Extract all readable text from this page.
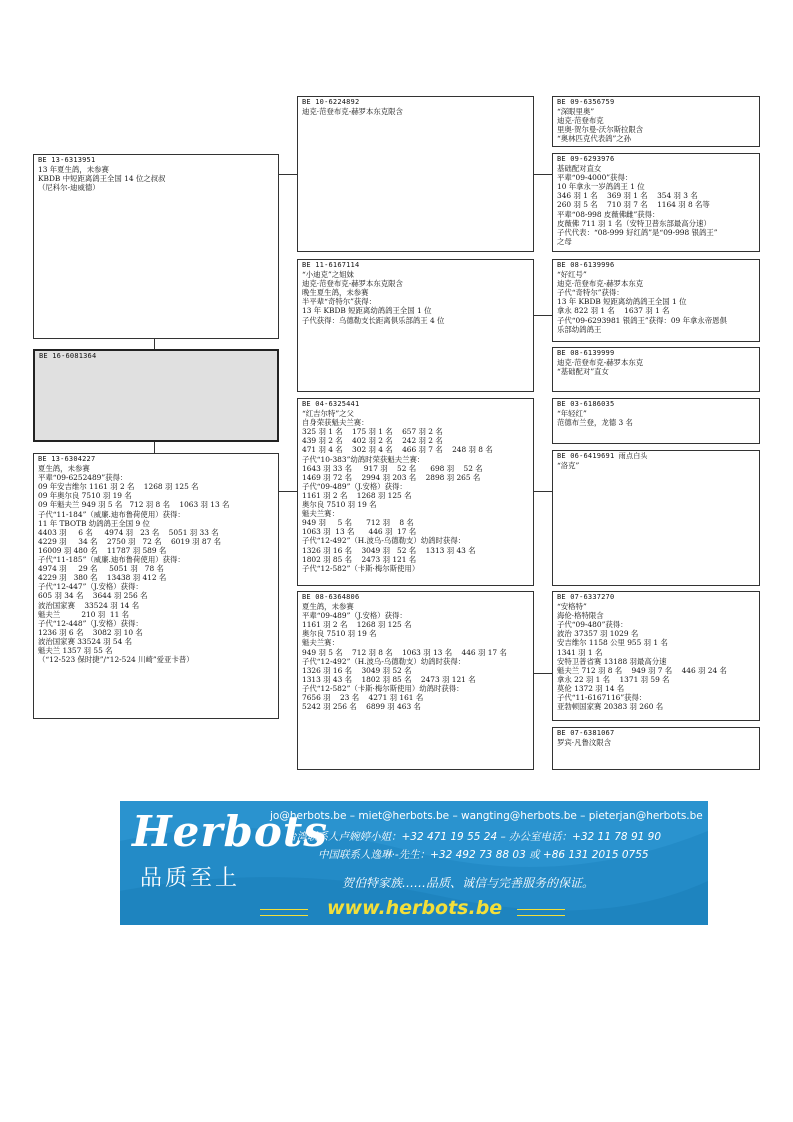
BE 13-6313951
13 年夏生鸽，未参赛
KBDB 中短距离鸽王全国 14 位之叔叔
（尼科尔-迪威德）
BE 16-6081364
BE 13-6304227
夏生鸽，未参赛
平辈“09-6252489”获得：
09 年安吉维尔 1161 羽 2 名    1268 羽 125 名
09 年奥尔良 7510 羽 19 名
09 年魁夫兰 949 羽 5 名   712 羽 8 名    1063 羽 13 名
子代“11-184”（威廉.迪布鲁荷使用）获得：
11 年 TBOTB 幼鸽鸽王全国 9 位
4403 羽     6 名     4974 羽   23 名    5051 羽 33 名
4229 羽     34 名    2750 羽   72 名    6019 羽 87 名
16009 羽 480 名    11787 羽 589 名
子代“11-185”（威廉.迪布鲁荷使用）获得：
4974 羽     29 名     5051 羽   78 名
4229 羽   380 名    13438 羽 412 名
子代“12-447”（J.安格）获得：
605 羽 34 名    3644 羽 256 名
波治国家赛    33524 羽 14 名
魁夫兰         210 羽  11 名
子代“12-448”（J.安格）获得：
1236 羽 6 名    3082 羽 10 名
波治国家赛 33524 羽 54 名
魁夫兰 1357 羽 55 名
（“12-523 保时捷”/“12-524 川崎”爱亚卡普）
BE 10-6224892
迪克·范登布克-赫罗本东克限含
BE 11-6167114
“小迪克”之姐妹
迪克·范登布克-赫罗本东克限含
晚生夏生鸽，未参赛
半平辈“奇特尔”获得：
13 年 KBDB 短距离幼鸽鸽王全国 1 位
子代获得：乌德勒支长距离俱乐部鸽王 4 位
BE 04-6325441
“红吉尔特”之父
自身荣获魁夫兰赛：
325 羽 1 名    175 羽 1 名    657 羽 2 名
439 羽 2 名    402 羽 2 名    242 羽 2 名
471 羽 4 名    302 羽 4 名    466 羽 7 名    248 羽 8 名
子代“10-383”幼鸽时荣获魁夫兰赛：
1643 羽 33 名     917 羽    52 名      698 羽    52 名
1469 羽 72 名    2994 羽 203 名    2898 羽 265 名
子代“09-489”（J.安格）获得：
1161 羽 2 名    1268 羽 125 名
奥尔良 7510 羽 19 名
魁夫兰赛：
949 羽     5 名      712 羽    8 名
1063 羽  13 名      446 羽  17 名
子代“12-492”（H.波乌-乌德勒支）幼鸽时获得：
1326 羽 16 名    3049 羽   52 名    1313 羽 43 名
1802 羽 85 名    2473 羽 121 名
子代“12-582”（卡斯·梅尔斯使用）
BE 08-6364806
夏生鸽，未参赛
平辈“09-489”（J.安格）获得：
1161 羽 2 名    1268 羽 125 名
奥尔良 7510 羽 19 名
魁夫兰赛：
949 羽 5 名    712 羽 8 名    1063 羽 13 名    446 羽 17 名
子代“12-492”（H.波乌-乌德勒支）幼鸽时获得：
1326 羽 16 名    3049 羽 52 名
1313 羽 43 名    1802 羽 85 名    2473 羽 121 名
子代“12-582”（卡斯·梅尔斯使用）幼鸽时获得：
7656 羽    23 名    4271 羽 161 名
5242 羽 256 名    6899 羽 463 名
BE 09-6356759
“深眼里奥”
迪克·范登布克
里奥·贺尔曼-沃尔斯拉限含
“奥林匹克代表鸽”之孙
BE 09-6293976
基础配对直女
平辈“09-4000”获得：
10 年拿永一岁鸽鸽王 1 位
346 羽 1 名    369 羽 1 名    354 羽 3 名
260 羽 5 名    710 羽 7 名    1164 羽 8 名等
平辈“08-998 皮薇佛雌”获得：
皮薇佛 711 羽 1 名（安特卫普东部最高分速）
子代代表：“08-999 好红鸽”是“09-998 银鸽王”
之母
BE 08-6139996
“好红号”
迪克·范登布克-赫罗本东克
子代“奇特尔”获得：
13 年 KBDB 短距离幼鸽鸽王全国 1 位
拿永 822 羽 1 名    1637 羽 1 名
子代“09-6293981 银鸽王”获得：09 年拿永帝恩俱
乐部幼鸽鸽王
BE 08-6139999
迪克·范登布克-赫罗本东克
“基础配对”直女
BE 03-6186035
“年轻红”
范德布兰登，龙德 3 名
BE 06-6419691 雨点白头
“洛克”
BE 07-6337270
“安格特”
海伦·格特限含
子代“09-480”获得：
波治 37357 羽 1029 名
安吉维尔 1158 公里 955 羽 1 名
1341 羽 1 名
安特卫普省赛 13188 羽最高分速
魁夫兰 712 羽 8 名    949 羽 7 名    446 羽 24 名
拿永 22 羽 1 名    1371 羽 59 名
莫伦 1372 羽 14 名
子代“11-6167116”获得：
亚勃顿国家赛 20383 羽 260 名
BE 07-6381067
罗宾·凡鲁汶限含
Herbots
品质至上
jo@herbots.be – miet@herbots.be – wangting@herbots.be – pieterjan@herbots.be
台湾联系人卢婉婷小姐：+32 471 19 55 24 – 办公室电话：+32 11 78 91 90
中国联系人逸琳·-先生：+32 492 73 88 03 或 +86 131 2015 0755
贺伯特家族……品质、诚信与完善服务的保证。
www.herbots.be
